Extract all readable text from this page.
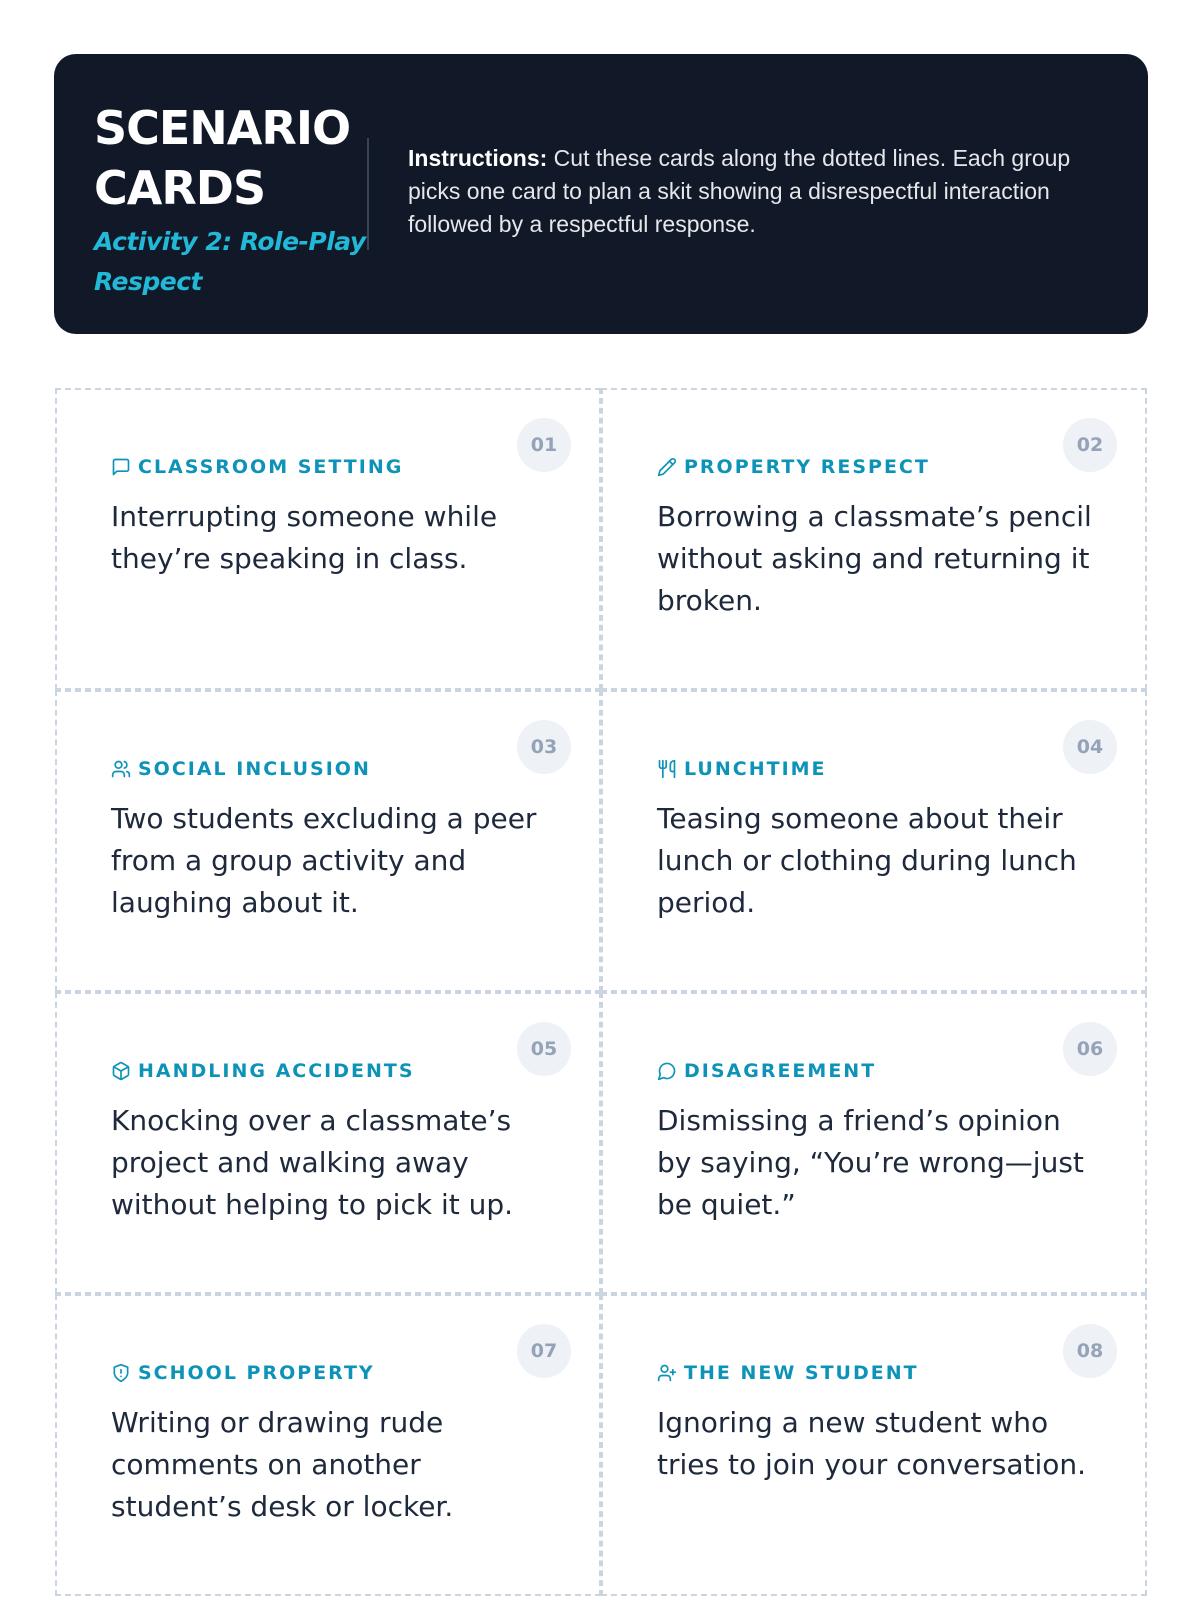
SCENARIO
CARDS
Activity 2: Role-Play Respect
Instructions: Cut these cards along the dotted lines. Each group picks one card to plan a skit showing a disrespectful interaction followed by a respectful response.
01
CLASSROOM SETTING
Interrupting someone while they’re speaking in class.
02
PROPERTY RESPECT
Borrowing a classmate’s pencil without asking and returning it broken.
03
SOCIAL INCLUSION
Two students excluding a peer from a group activity and laughing about it.
04
LUNCHTIME
Teasing someone about their lunch or clothing during lunch period.
05
HANDLING ACCIDENTS
Knocking over a classmate’s project and walking away without helping to pick it up.
06
DISAGREEMENT
Dismissing a friend’s opinion by saying, “You’re wrong—just be quiet.”
07
SCHOOL PROPERTY
Writing or drawing rude comments on another student’s desk or locker.
08
THE NEW STUDENT
Ignoring a new student who tries to join your conversation.
